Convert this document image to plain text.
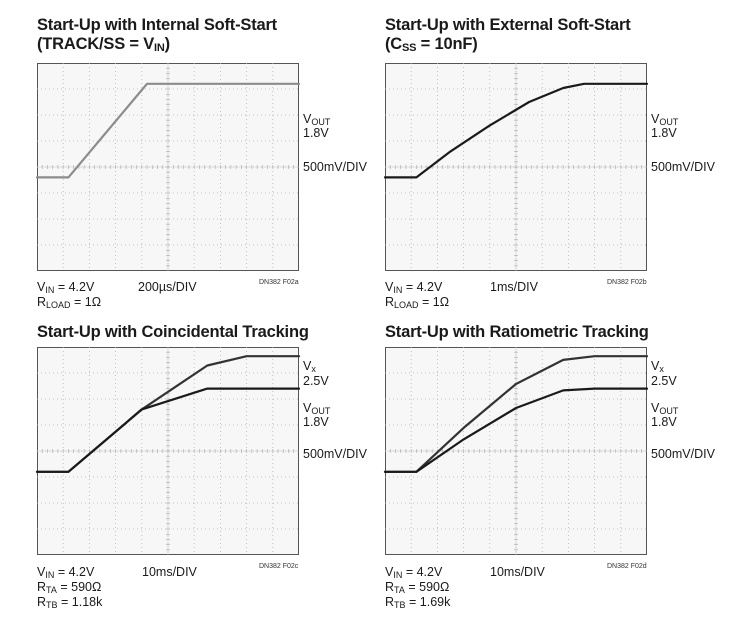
Start-Up with Internal Soft-Start
(TRACK/SS = $V_{IN}$)
$V_{OUT}$
1.8V
500mV/DIV
DN382 F02a
$V_{IN} = 4.2V$
$R_{LOAD} = 1\Omega$
200µs/DIV
Start-Up with External Soft-Start
$(C_{SS} = 10nF)$
$V_{OUT}$
1.8V
500mV/DIV
DN382 F02b
$V_{IN} = 4.2V$
$R_{LOAD} = 1\Omega$
1ms/DIV
Start-Up with Coincidental Tracking
$V_x$
2.5V
$V_{OUT}$
1.8V
500mV/DIV
DN382 F02c
$V_{IN} = 4.2V$
$R_{TA} = 590\Omega$
$R_{TB} = 1.18k$
10ms/DIV
Start-Up with Ratiometric Tracking
$V_x$
2.5V
$V_{OUT}$
1.8V
500mV/DIV
DN382 F02d
$V_{IN} = 4.2V$
$R_{TA} = 590\Omega$
$R_{TB} = 1.69k$
10ms/DIV
